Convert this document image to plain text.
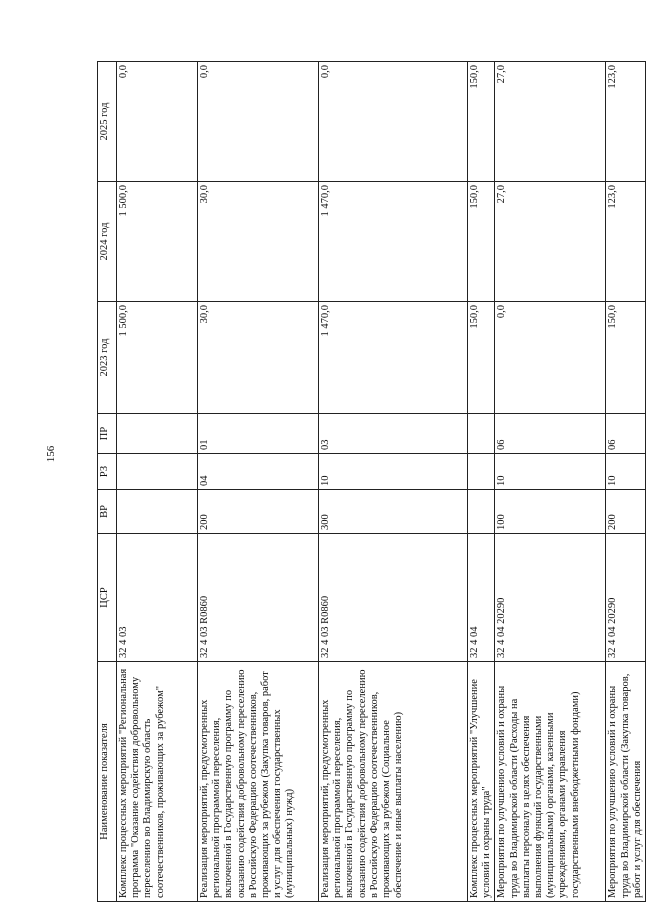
156
Наименование показателя	ЦСР	ВР	РЗ	ПР	2023 год	2024 год	2025 год
Комплекс процессных мероприятий "Региональная программа "Оказание содействия добровольному переселению во Владимирскую область соотечественников, проживающих за рубежом"	32 4 03				1 500,0	1 500,0	0,0
Реализация мероприятий, предусмотренных региональной программой переселения, включенной в Государственную программу по оказанию содействия добровольному переселению в Российскую Федерацию соотечественников, проживающих за рубежом (Закупка товаров, работ и услуг для обеспечения государственных (муниципальных) нужд)	32 4 03 R0860	200	04	01	30,0	30,0	0,0
Реализация мероприятий, предусмотренных региональной программой переселения, включенной в Государственную программу по оказанию содействия добровольному переселению в Российскую Федерацию соотечественников, проживающих за рубежом (Социальное обеспечение и иные выплаты населению)	32 4 03 R0860	300	10	03	1 470,0	1 470,0	0,0
Комплекс процессных мероприятий "Улучшение условий и охраны труда"	32 4 04				150,0	150,0	150,0
Мероприятия по улучшению условий и охраны труда во Владимирской области (Расходы на выплаты персоналу в целях обеспечения выполнения функций государственными (муниципальными) органами, казенными учреждениями, органами управления государственными внебюджетными фондами)	32 4 04 20290	100	10	06	0,0	27,0	27,0
Мероприятия по улучшению условий и охраны труда во Владимирской области (Закупка товаров, работ и услуг для обеспечения	32 4 04 20290	200	10	06	150,0	123,0	123,0
